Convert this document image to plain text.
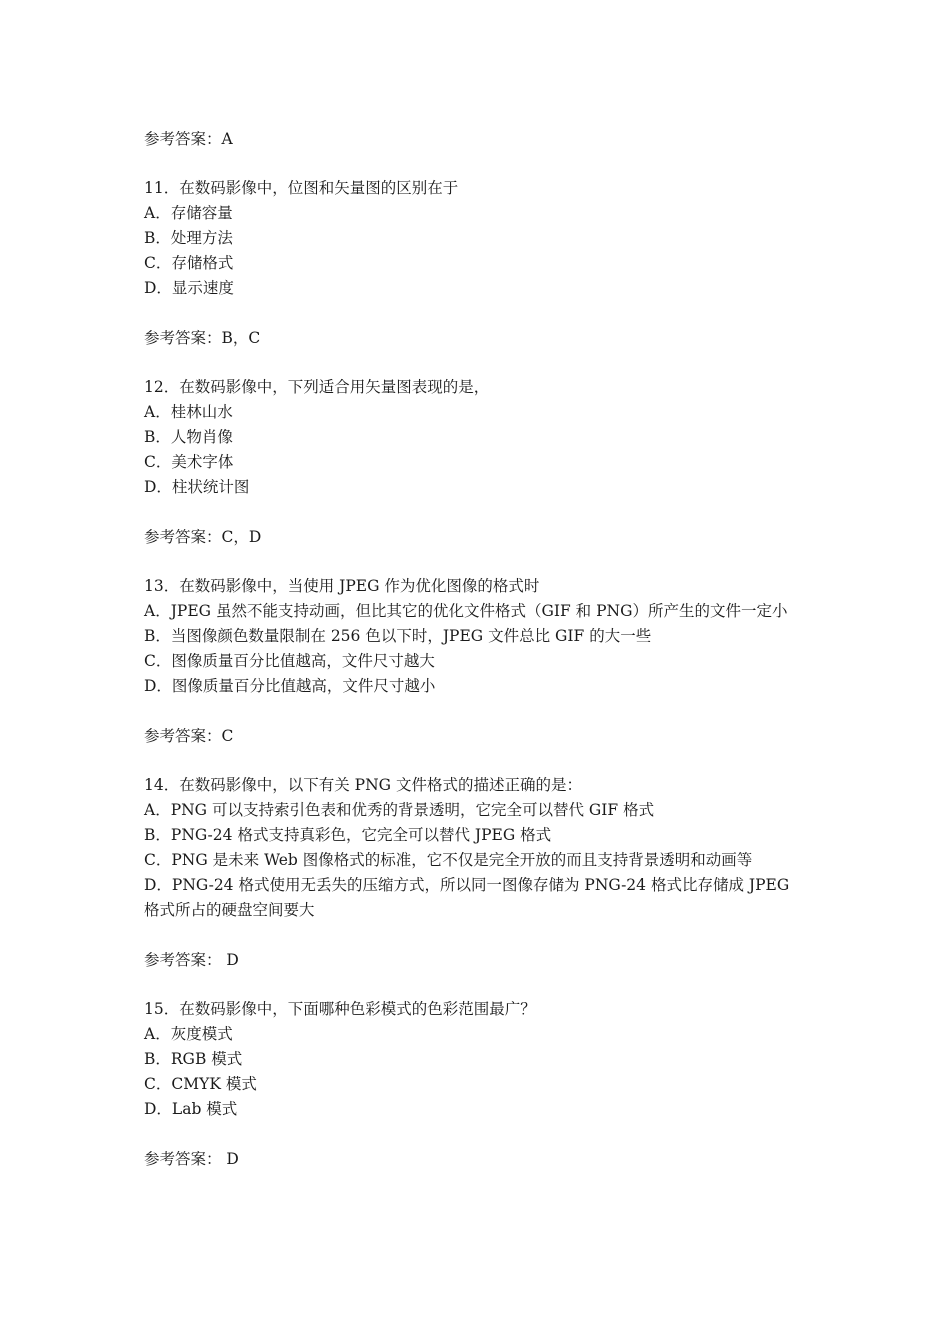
参考答案：A
11．在数码影像中，位图和矢量图的区别在于
A．存储容量
B．处理方法
C．存储格式
D．显示速度
参考答案：B，C
12．在数码影像中，下列适合用矢量图表现的是，
A．桂林山水
B．人物肖像
C．美术字体
D．柱状统计图
参考答案：C，D
13．在数码影像中，当使用 JPEG 作为优化图像的格式时
A．JPEG 虽然不能支持动画，但比其它的优化文件格式（GIF 和 PNG）所产生的文件一定小
B．当图像颜色数量限制在 256 色以下时，JPEG 文件总比 GIF 的大一些
C．图像质量百分比值越高，文件尺寸越大
D．图像质量百分比值越高，文件尺寸越小
参考答案：C
14．在数码影像中，以下有关 PNG 文件格式的描述正确的是：
A．PNG 可以支持索引色表和优秀的背景透明，它完全可以替代 GIF 格式
B．PNG-24 格式支持真彩色，它完全可以替代 JPEG 格式
C．PNG 是未来 Web 图像格式的标准，它不仅是完全开放的而且支持背景透明和动画等
D．PNG-24 格式使用无丢失的压缩方式，所以同一图像存储为 PNG-24 格式比存储成 JPEG
格式所占的硬盘空间要大
参考答案： D
15．在数码影像中，下面哪种色彩模式的色彩范围最广？
A．灰度模式
B．RGB 模式
C．CMYK 模式
D．Lab 模式
参考答案： D
